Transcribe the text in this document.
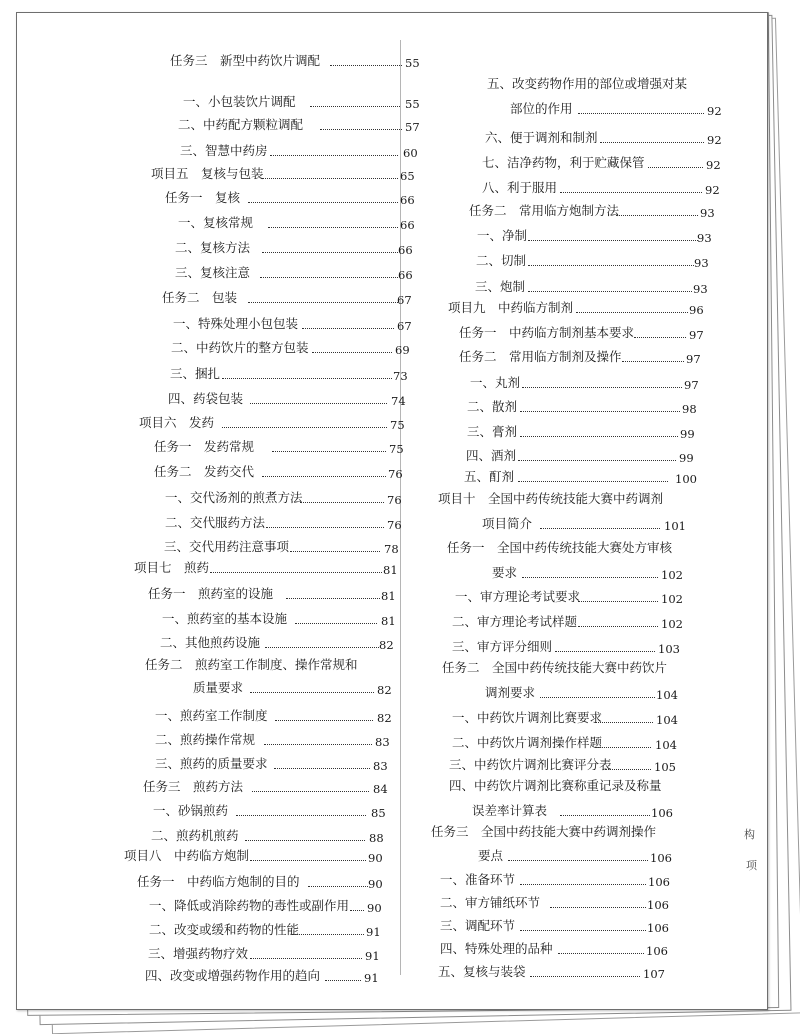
任务三　新型中药饮片调配	55
一、小包装饮片调配	55
二、中药配方颗粒调配	57
三、智慧中药房	60
项目五　复核与包装	65
任务一　复核	66
一、复核常规	66
二、复核方法	66
三、复核注意	66
任务二　包装	67
一、特殊处理小包包装	67
二、中药饮片的整方包装	69
三、捆扎	73
四、药袋包装	74
项目六　发药	75
任务一　发药常规	75
任务二　发药交代	76
一、交代汤剂的煎煮方法	76
二、交代服药方法	76
三、交代用药注意事项	78
项目七　煎药	81
任务一　煎药室的设施	81
一、煎药室的基本设施	81
二、其他煎药设施	82
任务二　煎药室工作制度、操作常规和
质量要求	82
一、煎药室工作制度	82
二、煎药操作常规	83
三、煎药的质量要求	83
任务三　煎药方法	84
一、砂锅煎药	85
二、煎药机煎药	88
项目八　中药临方炮制	90
任务一　中药临方炮制的目的	90
一、降低或消除药物的毒性或副作用 90
二、改变或缓和药物的性能	91
三、增强药物疗效	91
四、改变或增强药物作用的趋向	91
五、改变药物作用的部位或增强对某
部位的作用	92
六、便于调剂和制剂	92
七、洁净药物，利于贮藏保管	92
八、利于服用	92
任务二　常用临方炮制方法	93
一、净制	93
二、切制	93
三、炮制	93
项目九　中药临方制剂	96
任务一　中药临方制剂基本要求	97
任务二　常用临方制剂及操作	97
一、丸剂	97
二、散剂	98
三、膏剂	99
四、酒剂	99
五、酊剂	100
项目十　全国中药传统技能大赛中药调剂
项目简介	101
任务一　全国中药传统技能大赛处方审核
要求	102
一、审方理论考试要求	102
二、审方理论考试样题	102
三、审方评分细则	103
任务二　全国中药传统技能大赛中药饮片
调剂要求	104
一、中药饮片调剂比赛要求	104
二、中药饮片调剂操作样题	104
三、中药饮片调剂比赛评分表	105
四、中药饮片调剂比赛称重记录及称量
误差率计算表	106
任务三　全国中药技能大赛中药调剂操作
要点	106
一、准备环节	106
二、审方铺纸环节	106
三、调配环节	106
四、特殊处理的品种	106
五、复核与装袋	107
构
项
